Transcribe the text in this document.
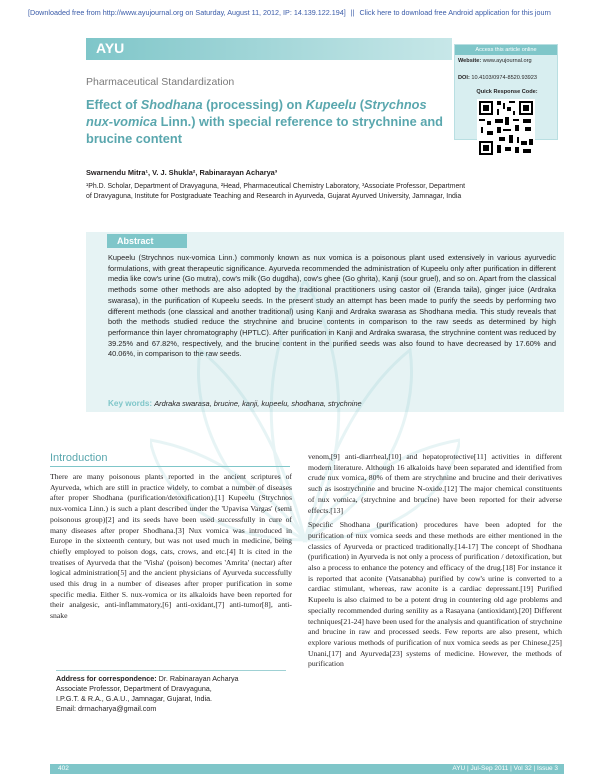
[Downloaded free from http://www.ayujournal.org on Saturday, August 11, 2012, IP: 14.139.122.194] || Click here to download free Android application for this journ
AYU	Access this article online
Website: www.ayujournal.org
DOI: 10.4103/0974-8520.93923
Quick Response Code:
Pharmaceutical Standardization
Effect of Shodhana (processing) on Kupeelu (Strychnos nux-vomica Linn.) with special reference to strychnine and brucine content
Swarnendu Mitra¹, V. J. Shukla², Rabinarayan Acharya³
¹Ph.D. Scholar, Department of Dravyaguna, ²Head, Pharmaceutical Chemistry Laboratory, ³Associate Professor, Department of Dravyaguna, Institute for Postgraduate Teaching and Research in Ayurveda, Gujarat Ayurved University, Jamnagar, India
Abstract
Kupeelu (Strychnos nux-vomica Linn.) commonly known as nux vomica is a poisonous plant used extensively in various ayurvedic formulations, with great therapeutic significance. Ayurveda recommended the administration of Kupeelu only after purification in different media like cow's urine (Go mutra), cow's milk (Go dugdha), cow's ghee (Go ghrita), Kanji (sour gruel), and so on. Apart from the classical methods some other methods are also adopted by the traditional practitioners using castor oil (Eranda taila), ginger juice (Ardraka swarasa), in the purification of Kupeelu seeds. In the present study an attempt has been made to purify the seeds by performing two different methods (one classical and another traditional) using Kanji and Ardraka swarasa as Shodhana media. This study reveals that both the methods studied reduce the strychnine and brucine contents in comparison to the raw seeds as determined by high performance thin layer chromatography (HPTLC). After purification in Kanji and Ardraka swarasa, the strychnine content was reduced by 39.25% and 67.82%, respectively, and the brucine content in the purified seeds was also found to have decreased by 17.60% and 40.06%, in comparison to the raw seeds.
Key words: Ardraka swarasa, brucine, kanji, kupeelu, shodhana, strychnine
Introduction

There are many poisonous plants reported in the ancient scriptures of Ayurveda, which are still in practice widely, to combat a number of diseases after proper Shodhana (purification/detoxification).[1] Kupeelu (Strychnos nux-vomica Linn.) is such a plant described under the 'Upavisa Vargas' (semi poisonous group)[2] and its seeds have been used successfully in cure of many diseases after proper Shodhana.[3] Nux vomica was introduced in Europe in the sixteenth century, but was not used much in medicine, being chiefly employed to poison dogs, cats, crows, and etc.[4] It is cited in the treatises of Ayurveda that the 'Visha' (poison) becomes 'Amrita' (nectar) after logical administration[5] and the ancient physicians of Ayurveda successfully used this drug in a number of diseases after proper purification in some specific media. Either S. nux-vomica or its alkaloids have been reported for their analgesic, anti-inflammatory,[6] anti-oxidant,[7] anti-tumor[8], anti-snake

venom,[9] anti-diarrheal,[10] and hepatoprotective[11] activities in different modern literature. Although 16 alkaloids have been separated and identified from crude nux vomica, 80% of them are strychnine and brucine and their derivatives such as isostrychnine and brucine N-oxide.[12] The major chemical constituents of nux vomica, (strychnine and brucine) have been reported for their adverse effects.[13]

Specific Shodhana (purification) procedures have been adopted for the purification of nux vomica seeds and these methods are either mentioned in the classics of Ayurveda or practiced traditionally.[14-17] The concept of Shodhana (purification) in Ayurveda is not only a process of purification / detoxification, but also a process to enhance the potency and efficacy of the drug.[18] For instance it is reported that aconite (Vatsanabha) purified by cow's urine is converted to a cardiac stimulant, whereas, raw aconite is a cardiac depressant.[19] Purified Kupeelu is also claimed to be a potent drug in countering old age problems and specially recommended during senility as a Rasayana (antioxidant).[20] Different techniques[21-24] have been used for the analysis and quantification of strychnine and brucine in raw and processed seeds. Few reports are also present, which explore various methods of purification of nux vomica seeds as per Chinese,[25] Unani,[17] and Ayurveda[23] systems of medicine. However, the methods of purification

Address for correspondence: Dr. Rabinarayan Acharya
Associate Professor, Department of Dravyaguna,
I.P.G.T. & R.A., G.A.U., Jamnagar, Gujarat, India.
Email: drrnacharya@gmail.com
402	AYU | Jul-Sep 2011 | Vol 32 | Issue 3
